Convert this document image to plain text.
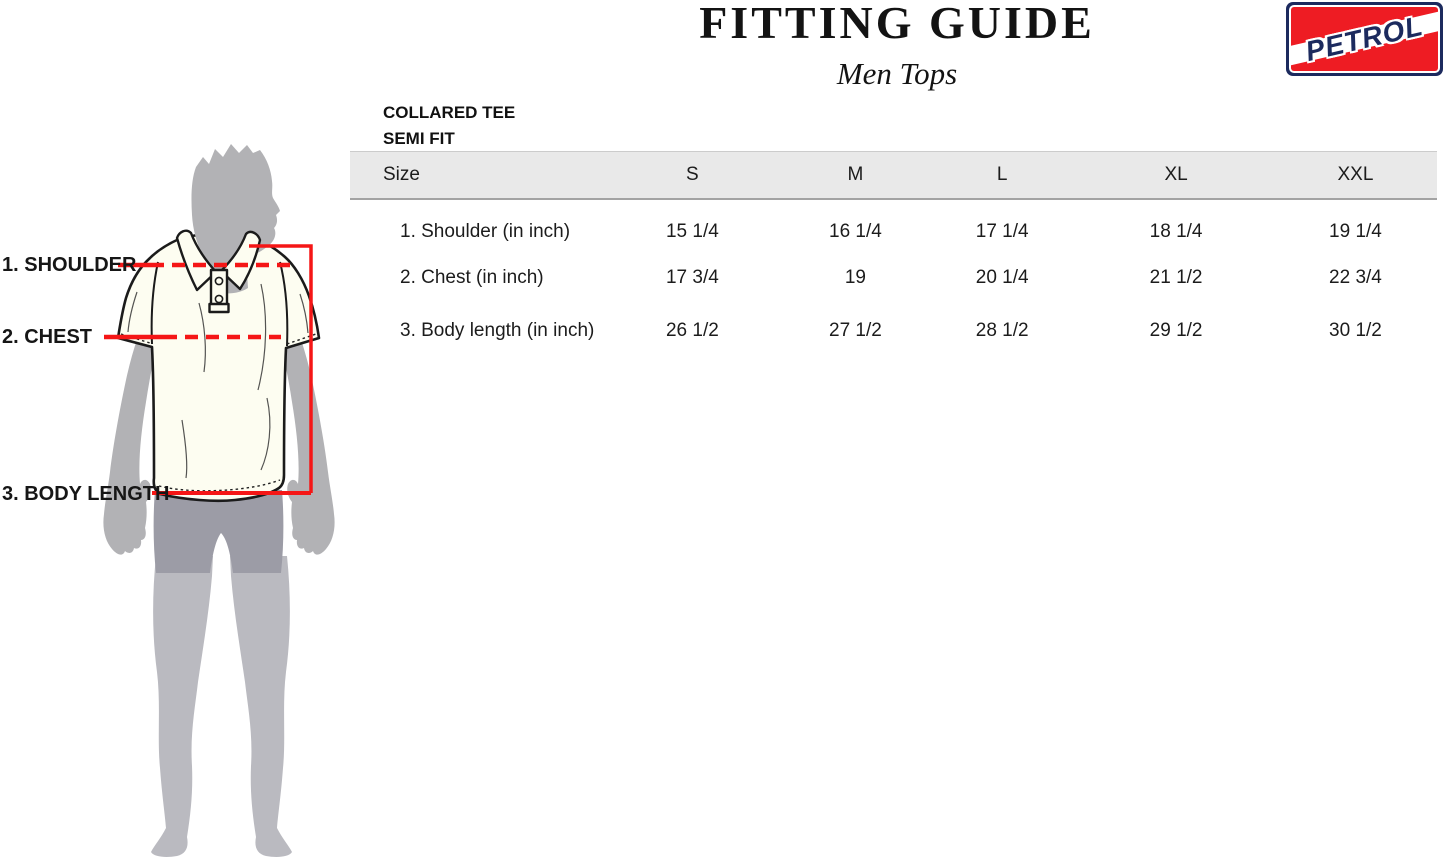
FITTING GUIDE
Men Tops
PETROL
COLLARED TEE
SEMI FIT
Size	S	M	L	XL	XXL
1. Shoulder (in inch)	15 1/4	16 1/4	17 1/4	18 1/4	19 1/4
2. Chest (in inch)	17 3/4	19	20 1/4	21 1/2	22 3/4
3. Body length (in inch)	26 1/2	27 1/2	28 1/2	29 1/2	30 1/2
1. SHOULDER
2. CHEST
3. BODY LENGTH
